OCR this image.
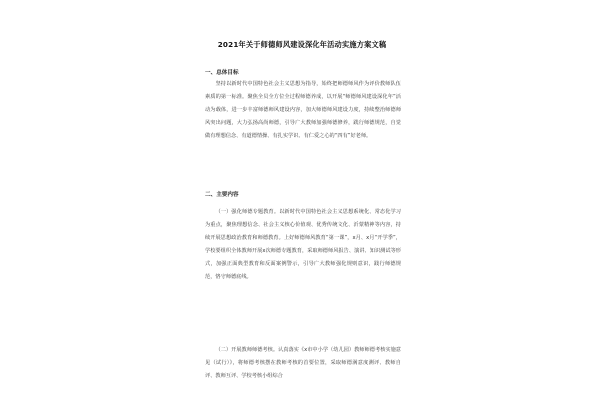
2021年关于师德师风建设深化年活动实施方案文稿
一、总体目标
坚持以新时代中国特色社会主义思想为指导，始终把师德师风作为评价教师队伍素质的第一标准。聚焦全员全方位全过程师德养成，以开展“师德师风建设深化年”活动为载体，进一步丰富师德师风建设内容，加大师德师风建设力度，持续整治师德师风突出问题，大力弘扬高尚师德，引导广大教师加强师德修养，践行师德规范，自觉做有理想信念、有道德情操、有扎实学识、有仁爱之心的“四有”好老师。
二、主要内容
（一）强化师德专题教育。以新时代中国特色社会主义思想系统化、常态化学习为重点，聚焦理想信念、社会主义核心价值观、优秀传统文化、沂蒙精神等内容，持续开展思想政治教育和师德教育。上好师德师风教育“第一课”，x月、x月“开学季”，学校要组织全体教师开展x次师德专题教育，采取师德师风报告、演讲、知识测试等形式，加强正面典型教育和反面案例警示，引导广大教师强化规则意识，践行师德规范，恪守师德底线。
（二）开展教师师德考核。认真落实《x市中小学（幼儿园）教师师德考核实施意见（试行）》，将师德考核摆在教师考核的首要位置，采取师德满意度测评、教师自评、教师互评、学校考核小组综合
